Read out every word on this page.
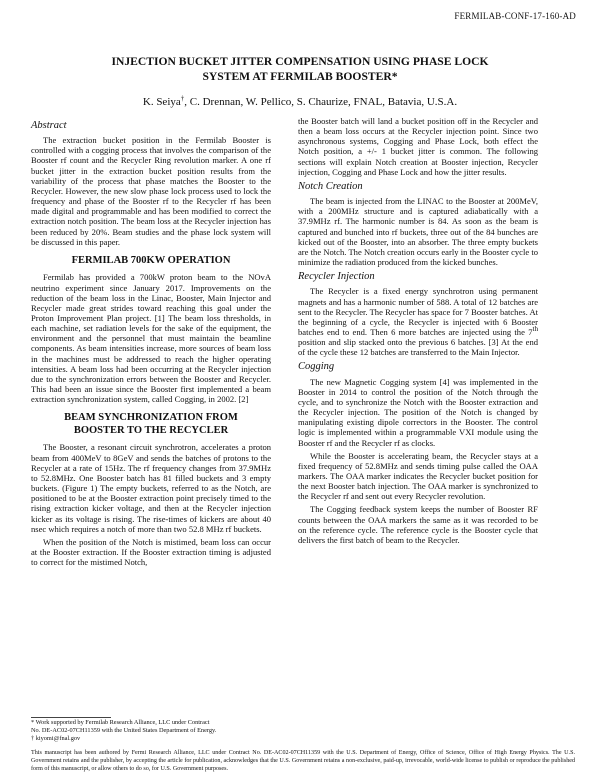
FERMILAB-CONF-17-160-AD
INJECTION BUCKET JITTER COMPENSATION USING PHASE LOCK
SYSTEM AT FERMILAB BOOSTER*
K. Seiya†, C. Drennan, W. Pellico, S. Chaurize, FNAL, Batavia, U.S.A.
Abstract

The extraction bucket position in the Fermilab Booster is controlled with a cogging process that involves the comparison of the Booster rf count and the Recycler Ring revolution marker. A one rf bucket jitter in the extraction bucket position results from the variability of the process that phase matches the Booster to the Recycler. However, the new slow phase lock process used to lock the frequency and phase of the Booster rf to the Recycler rf has been made digital and programmable and has been modified to correct the extraction notch position. The beam loss at the Recycler injection has been reduced by 20%. Beam studies and the phase lock system will be discussed in this paper.

FERMILAB 700KW OPERATION

Fermilab has provided a 700kW proton beam to the NOvA neutrino experiment since January 2017. Improvements on the reduction of the beam loss in the Linac, Booster, Main Injector and Recycler made great strides toward reaching this goal under the Proton Improvement Plan project. [1] The beam loss thresholds, in each machine, set radiation levels for the sake of the equipment, the environment and the personnel that must maintain the beamline components. As beam intensities increase, more sources of beam loss in the machines must be addressed to reach the higher operating intensities. A beam loss had been occurring at the Recycler injection due to the synchronization errors between the Booster and Recycler. This had been an issue since the Booster first implemented a beam extraction synchronization system, called Cogging, in 2002. [2]

BEAM SYNCHRONIZATION FROM
BOOSTER TO THE RECYCLER

The Booster, a resonant circuit synchrotron, accelerates a proton beam from 400MeV to 8GeV and sends the batches of protons to the Recycler at a rate of 15Hz. The rf frequency changes from 37.9MHz to 52.8MHz. One Booster batch has 81 filled buckets and 3 empty buckets. (Figure 1) The empty buckets, referred to as the Notch, are positioned to be at the Booster extraction point precisely timed to the rising extraction kicker voltage, and then at the Recycler injection kicker as its voltage is rising. The rise-times of kickers are about 40 nsec which requires a notch of more than two 52.8 MHz rf buckets.

When the position of the Notch is mistimed, beam loss can occur at the Booster extraction. If the Booster extraction timing is adjusted to correct for the mistimed Notch,

the Booster batch will land a bucket position off in the Recycler and then a beam loss occurs at the Recycler injection point. Since two asynchronous systems, Cogging and Phase Lock, both effect the Notch position, a +/- 1 bucket jitter is common. The following sections will explain Notch creation at Booster injection, Recycler injection, Cogging and Phase Lock and how the jitter results.

Notch Creation

The beam is injected from the LINAC to the Booster at 200MeV, with a 200MHz structure and is captured adiabatically with a 37.9MHz rf. The harmonic number is 84. As soon as the beam is captured and bunched into rf buckets, three out of the 84 bunches are kicked out of the Booster, into an absorber. The three empty buckets are the Notch. The Notch creation occurs early in the Booster cycle to minimize the radiation produced from the kicked bunches.

Recycler Injection

The Recycler is a fixed energy synchrotron using permanent magnets and has a harmonic number of 588. A total of 12 batches are sent to the Recycler. The Recycler has space for 7 Booster batches. At the beginning of a cycle, the Recycler is injected with 6 Booster batches end to end. Then 6 more batches are injected using the 7th position and slip stacked onto the previous 6 batches. [3] At the end of the cycle these 12 batches are transferred to the Main Injector.

Cogging

The new Magnetic Cogging system [4] was implemented in the Booster in 2014 to control the position of the Notch through the cycle, and to synchronize the Notch with the Booster extraction and the Recycler injection. The position of the Notch is changed by manipulating existing dipole correctors in the Booster. The control logic is implemented within a programmable VXI module using the Booster rf and the Recycler rf as clocks.

While the Booster is accelerating beam, the Recycler stays at a fixed frequency of 52.8MHz and sends timing pulse called the OAA markers. The OAA marker indicates the Recycler bucket position for the next Booster batch injection. The OAA marker is synchronized to the Recycler rf and sent out every Recycler revolution.

The Cogging feedback system keeps the number of Booster RF counts between the OAA markers the same as it was recorded to be on the reference cycle. The reference cycle is the Booster cycle that delivers the first batch of beam to the Recycler.

* Work supported by Fermilab Research Alliance, LLC under Contract
No. DE-AC02-07CH11359 with the United States Department of Energy.
† kiyomi@fnal.gov
This manuscript has been authored by Fermi Research Alliance, LLC under Contract No. DE-AC02-07CH11359 with the U.S. Department of Energy, Office of Science, Office of High Energy Physics. The U.S. Government retains and the publisher, by accepting the article for publication, acknowledges that the U.S. Government retains a non-exclusive, paid-up, irrevocable, world-wide license to publish or reproduce the published form of this manuscript, or allow others to do so, for U.S. Government purposes.
